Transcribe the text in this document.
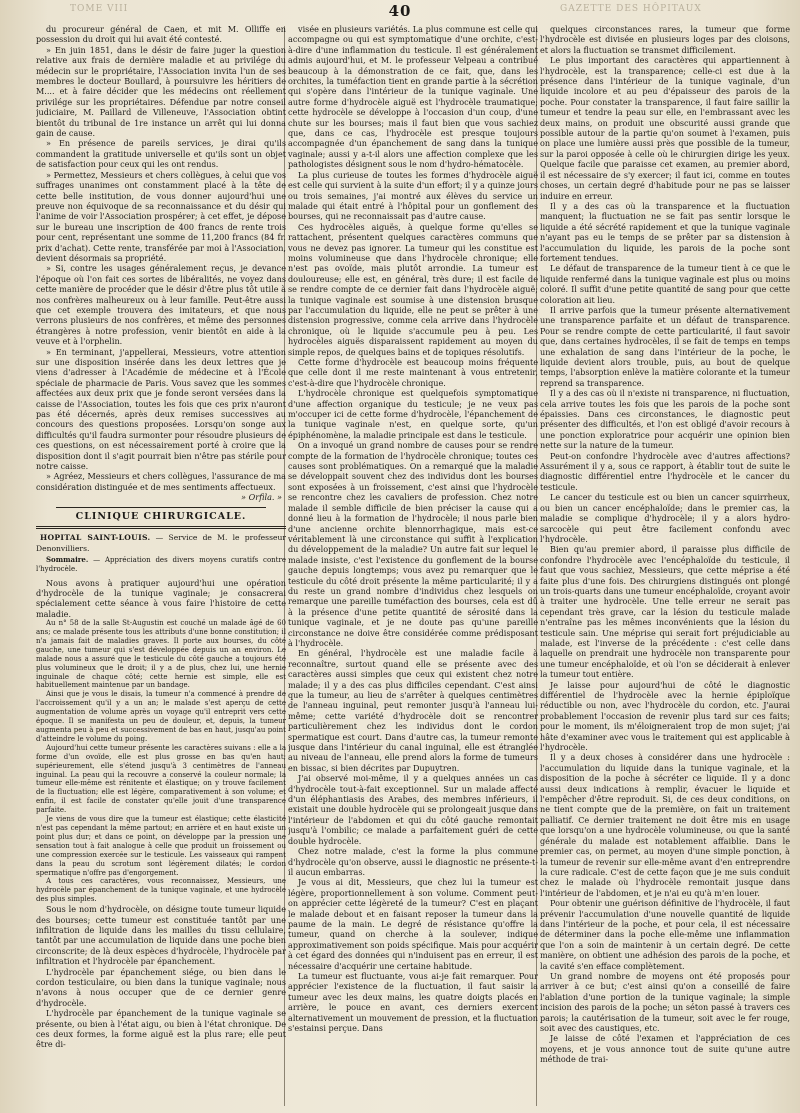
TOME VIII	40	GAZETTE DES HÔPITAUX

du procureur général de Caen, et mit M. Olliffe en possession du droit qui lui avait été contesté.

» En juin 1851, dans le désir de faire juger la question relative aux frais de dernière maladie et au privilége du médecin sur le propriétaire, l'Association invita l'un de ses membres le docteur Boullard, à poursuivre les héritiers de M.... et à faire décider que les médecins ont réellement privilége sur les propriétaires. Défendue par notre conseil judiciaire, M. Paillard de Villeneuve, l'Association obtint bientôt du tribunal de 1re instance un arrêt qui lui donna gain de cause.

» En présence de pareils services, je dirai qu'ils commandent la gratitude universelle et qu'ils sont un objet de satisfaction pour ceux qui les ont rendus.

» Permettez, Messieurs et chers collègues, à celui que vos suffrages unanimes ont constamment placé à la tête de cette belle institution, de vous donner aujourd'hui une preuve non équivoque de sa reconnaissance et du désir qui l'anime de voir l'Association prospérer; à cet effet, je dépose sur le bureau une inscription de 400 francs de rente trois pour cent, représentant une somme de 11,200 francs (84 fr. prix d'achat). Cette rente, transférée par moi à l'Association, devient désormais sa propriété.

» Si, contre les usages généralement reçus, je devance l'époque où l'on fait ces sortes de libéralités, ne voyez dans cette manière de procéder que le désir d'être plus tôt utile à nos confrères malheureux ou à leur famille. Peut-être aussi que cet exemple trouvera des imitateurs, et que nous verrons plusieurs de nos confrères, et même des personnes étrangères à notre profession, venir bientôt en aide à la veuve et à l'orphelin.

» En terminant, j'appellerai, Messieurs, votre attention sur une disposition insérée dans les deux lettres que je viens d'adresser à l'Académie de médecine et à l'École spéciale de pharmacie de Paris. Vous savez que les sommes affectées aux deux prix que je fonde seront versées dans la caisse de l'Association, toutes les fois que ces prix n'auront pas été décernés, après deux remises successives au concours des questions proposées. Lorsqu'on songe aux difficultés qu'il faudra surmonter pour résoudre plusieurs de ces questions, on est nécessairement porté à croire que la disposition dont il s'agit pourrait bien n'être pas stérile pour notre caisse.

» Agréez, Messieurs et chers collègues, l'assurance de ma considération distinguée et de mes sentiments affectueux.

» Orfila. »
CLINIQUE CHIRURGICALE.
HOPITAL SAINT-LOUIS. — Service de M. le professeur Denonvilliers.
Sommaire. — Appréciation des divers moyens curatifs contre l'hydrocèle.

Nous avons à pratiquer aujourd'hui une opération d'hydrocèle de la tunique vaginale; je consacrerai spécialement cette séance à vous faire l'histoire de cette maladie.

Au n° 58 de la salle St-Augustin est couché un malade âgé de 60 ans; ce malade présente tous les attributs d'une bonne constitution; il n'a jamais fait de maladies graves. Il porte aux bourses, du côté gauche, une tumeur qui s'est développée depuis un an environ. Le malade nous a assuré que le testicule du côté gauche a toujours été plus volumineux que le droit; il y a de plus, chez lui, une hernie inguinale de chaque côté; cette hernie est simple, elle est habituellement maintenue par un bandage.

Ainsi que je vous le disais, la tumeur n'a commencé à prendre de l'accroissement qu'il y a un an; le malade s'est aperçu de cette augmentation de volume après un voyage qu'il entreprit vers cette époque. Il se manifesta un peu de douleur, et, depuis, la tumeur augmenta peu à peu et successivement de bas en haut, jusqu'au point d'atteindre le volume du poing.

Aujourd'hui cette tumeur présente les caractères suivans : elle a la forme d'un ovoïde, elle est plus grosse en bas qu'en haut; supérieurement, elle s'étend jusqu'à 3 centimètres de l'anneau inguinal. La peau qui la recouvre a conservé la couleur normale; la tumeur elle-même est rénitente et élastique; on y trouve facilement de la fluctuation; elle est légère, comparativement à son volume; et enfin, il est facile de constater qu'elle jouit d'une transparence parfaite.

Je viens de vous dire que la tumeur est élastique; cette élasticité n'est pas cependant la même partout; en arrière et en haut existe un point plus dur; et dans ce point, on développe par la pression une sensation tout à fait analogue à celle que produit un froissement ou une compression exercée sur le testicule. Les vaisseaux qui rampent dans la peau du scrotum sont légèrement dilatés; le cordon spermatique n'offre pas d'engorgement.

A tous ces caractères, vous reconnaissez, Messieurs, une hydrocèle par épanchement de la tunique vaginale, et une hydrocèle des plus simples.

Sous le nom d'hydrocèle, on désigne toute tumeur liquide des bourses; cette tumeur est constituée tantôt par une infiltration de liquide dans les mailles du tissu cellulaire, tantôt par une accumulation de liquide dans une poche bien circonscrite; de là deux espèces d'hydrocèle, l'hydrocèle par infiltration et l'hydrocèle par épanchement.

L'hydrocèle par épanchement siége, ou bien dans le cordon testiculaire, ou bien dans la tunique vaginale; nous n'avons à nous occuper que de ce dernier genre d'hydrocèle.

L'hydrocèle par épanchement de la tunique vaginale se présente, ou bien à l'état aigu, ou bien à l'état chronique. De ces deux formes, la forme aiguë est la plus rare; elle peut être di-

visée en plusieurs variétés. La plus commune est celle qui accompagne ou qui est symptomatique d'une orchite, c'est-à-dire d'une inflammation du testicule. Il est généralement admis aujourd'hui, et M. le professeur Velpeau a contribué beaucoup à la démonstration de ce fait, que, dans les orchites, la tuméfaction tient en grande partie à la sécrétion qui s'opère dans l'intérieur de la tunique vaginale. Une autre forme d'hydrocèle aiguë est l'hydrocèle traumatique; cette hydrocèle se développe à l'occasion d'un coup, d'une chute sur les bourses; mais il faut bien que vous sachiez que, dans ce cas, l'hydrocèle est presque toujours accompagnée d'un épanchement de sang dans la tunique vaginale; aussi y a-t-il alors une affection complexe que les pathologistes désignent sous le nom d'hydro-hématocèle.

La plus curieuse de toutes les formes d'hydrocèle aiguë est celle qui survient à la suite d'un effort; il y a quinze jours ou trois semaines, j'ai montré aux élèves du service un malade qui était entré à l'hôpital pour un gonflement des bourses, qui ne reconnaissait pas d'autre cause.

Ces hydrocèles aiguës, à quelque forme qu'elles se rattachent, présentent quelques caractères communs que vous ne devez pas ignorer. La tumeur qui les constitue est moins volumineuse que dans l'hydrocèle chronique; elle n'est pas ovoïde, mais plutôt arrondie. La tumeur est douloureuse; elle est, en général, très dure; il est facile de se rendre compte de ce dernier fait dans l'hydrocèle aiguë; la tunique vaginale est soumise à une distension brusque par l'accumulation du liquide, elle ne peut se prêter à une distension progressive, comme cela arrive dans l'hydrocèle chronique, où le liquide s'accumule peu à peu. Les hydrocèles aiguës disparaissent rapidement au moyen du simple repos, de quelques bains et de topiques résolutifs.

Cette forme d'hydrocèle est beaucoup moins fréquente que celle dont il me reste maintenant à vous entretenir, c'est-à-dire que l'hydrocèle chronique.

L'hydrocèle chronique est quelquefois symptomatique d'une affection organique du testicule; je ne veux pas m'occuper ici de cette forme d'hydrocèle, l'épanchement de la tunique vaginale n'est, en quelque sorte, qu'un épiphénomène, la maladie principale est dans le testicule.

On a invoqué un grand nombre de causes pour se rendre compte de la formation de l'hydrocèle chronique; toutes ces causes sont problématiques. On a remarqué que la maladie se développait souvent chez des individus dont les bourses sont exposées à un froissement, c'est ainsi que l'hydrocèle se rencontre chez les cavaliers de profession. Chez notre malade il semble difficile de bien préciser la cause qui a donné lieu à la formation de l'hydrocèle; il nous parle bien d'une ancienne orchite blennorrhagique, mais est-ce véritablement là une circonstance qui suffit à l'explication du développement de la maladie? Un autre fait sur lequel le malade insiste, c'est l'existence du gonflement de la bourse gauche depuis longtemps; vous avez pu remarquer que le testicule du côté droit présente la même particularité; il y a du reste un grand nombre d'individus chez lesquels on remarque une pareille tuméfaction des bourses, cela est dû à la présence d'une petite quantité de sérosité dans la tunique vaginale, et je ne doute pas qu'une pareille circonstance ne doive être considérée comme prédisposant à l'hydrocèle.

En général, l'hydrocèle est une maladie facile à reconnaître, surtout quand elle se présente avec des caractères aussi simples que ceux qui existent chez notre malade; il y a des cas plus difficiles cependant. C'est ainsi que la tumeur, au lieu de s'arrêter à quelques centimètres de l'anneau inguinal, peut remonter jusqu'à l'anneau lui-même; cette variété d'hydrocèle doit se rencontrer particulièrement chez les individus dont le cordon spermatique est court. Dans d'autre cas, la tumeur remonte jusque dans l'intérieur du canal inguinal, elle est étranglée au niveau de l'anneau, elle prend alors la forme de tumeurs en bissac, si bien décrites par Dupuytren.

J'ai observé moi-même, il y a quelques années un cas d'hydrocèle tout-à-fait exceptionnel. Sur un malade affecté d'un éléphantiasis des Arabes, des membres inférieurs, il existait une double hydrocèle qui se prolongeait jusque dans l'intérieur de l'abdomen et qui du côté gauche remontait jusqu'à l'ombilic; ce malade a parfaitement guéri de cette double hydrocèle.

Chez notre malade, c'est la forme la plus commune d'hydrocèle qu'on observe, aussi le diagnostic ne présente-t-il aucun embarras.

Je vous ai dit, Messieurs, que chez lui la tumeur est légère, proportionnellement à son volume. Comment peut-on apprécier cette légèreté de la tumeur? C'est en plaçant le malade debout et en faisant reposer la tumeur dans la paume de la main. Le degré de résistance qu'offre la tumeur, quand on cherche à la soulever, indique approximativement son poids spécifique. Mais pour acquérir à cet égard des données qui n'induisent pas en erreur, il est nécessaire d'acquérir une certaine habitude.

La tumeur est fluctuante, vous ai-je fait remarquer. Pour apprécier l'existence de la fluctuation, il faut saisir la tumeur avec les deux mains, les quatre doigts placés en arrière, le pouce en avant, ces derniers exercent alternativement un mouvement de pression, et la fluctuation s'estainsi perçue. Dans

quelques circonstances rares, la tumeur que forme l'hydrocèle est divisée en plusieurs loges par des cloisons, et alors la fluctuation se transmet difficilement.

Le plus important des caractères qui appartiennent à l'hydrocèle, est la transparence; celle-ci est due à la présence dans l'intérieur de la tunique vaginale, d'un liquide incolore et au peu d'épaisseur des parois de la poche. Pour constater la transparence, il faut faire saillir la tumeur et tendre la peau sur elle, en l'embrassant avec les deux mains, on produit une obscurité aussi grande que possible autour de la partie qu'on soumet à l'examen, puis on place une lumière aussi près que possible de la tumeur, sur la paroi opposée à celle où le chirurgien dirige les yeux. Quelque facile que paraisse cet examen, au premier abord, il est nécessaire de s'y exercer; il faut ici, comme en toutes choses, un certain degré d'habitude pour ne pas se laisser induire en erreur.

Il y a des cas où la transparence et la fluctuation manquent; la fluctuation ne se fait pas sentir lorsque le liquide a été sécrété rapidement et que la tunique vaginale n'ayant pas eu le temps de se prêter par sa distension à l'accumulation du liquide, les parois de la poche sont fortement tendues.

Le défaut de transparence de la tumeur tient à ce que le liquide renfermé dans la tunique vaginale est plus ou moins coloré. Il suffit d'une petite quantité de sang pour que cette coloration ait lieu.

Il arrive parfois que la tumeur présente alternativement une transparence parfaite et un défaut de transparence. Pour se rendre compte de cette particularité, il faut savoir que, dans certaines hydrocèles, il se fait de temps en temps une exhalation de sang dans l'intérieur de la poche, le liquide devient alors trouble, puis, au bout de quelque temps, l'absorption enlève la matière colorante et la tumeur reprend sa transparence.

Il y a des cas où il n'existe ni transparence, ni fluctuation, cela arrive toutes les fois que les parois de la poche sont épaissies. Dans ces circonstances, le diagnostic peut présenter des difficultés, et l'on est obligé d'avoir recours à une ponction exploratrice pour acquérir une opinion bien nette sur la nature de la tumeur.

Peut-on confondre l'hydrocèle avec d'autres affections? Assurément il y a, sous ce rapport, à établir tout de suite le diagnostic différentiel entre l'hydrocèle et le cancer du testicule.

Le cancer du testicule est ou bien un cancer squirrheux, ou bien un cancer encéphaloïde; dans le premier cas, la maladie se complique d'hydrocèle; il y a alors hydro-sarcocèle qui peut être facilement confondu avec l'hydrocèle.

Bien qu'au premier abord, il paraisse plus difficile de confondre l'hydrocèle avec l'encéphaloïde du testicule, il faut que vous sachiez, Messieurs, que cette méprise a été faite plus d'une fois. Des chirurgiens distingués ont plongé un trois-quarts dans une tumeur encéphaloïde, croyant avoir à traiter une hydrocèle. Une telle erreur ne serait pas cependant très grave, car la lésion du testicule malade n'entraîne pas les mêmes inconvénients que la lésion du testicule sain. Une méprise qui serait fort préjudiciable au malade, est l'inverse de la précédente : c'est celle dans laquelle on prendrait une hydrocèle non transparente pour une tumeur encéphaloïde, et où l'on se déciderait à enlever la tumeur tout entière.

Je laisse pour aujourd'hui de côté le diagnostic différentiel de l'hydrocèle avec la hernie épiploïque réductible ou non, avec l'hydrocèle du cordon, etc. J'aurai probablement l'occasion de revenir plus tard sur ces faits; pour le moment, ils m'éloigneraient trop de mon sujet; j'ai hâte d'examiner avec vous le traitement qui est applicable à l'hydrocèle.

Il y a deux choses à considérer dans une hydrocèle : l'accumulation du liquide dans la tunique vaginale, et la disposition de la poche à sécréter ce liquide. Il y a donc aussi deux indications à remplir, évacuer le liquide et l'empêcher d'être reproduit. Si, de ces deux conditions, on ne tient compte que de la première, on fait un traitement palliatif. Ce dernier traitement ne doit être mis en usage que lorsqu'on a une hydrocèle volumineuse, ou que la santé générale du malade est notablement affaiblie. Dans le premier cas, on permet, au moyen d'une simple ponction, à la tumeur de revenir sur elle-même avant d'en entreprendre la cure radicale. C'est de cette façon que je me suis conduit chez le malade où l'hydrocèle remontait jusque dans l'intérieur de l'abdomen, et je n'ai eu qu'à m'en louer.

Pour obtenir une guérison définitive de l'hydrocèle, il faut prévenir l'accumulation d'une nouvelle quantité de liquide dans l'intérieur de la poche, et pour cela, il est nécessaire de déterminer dans la poche elle-même une inflammation que l'on a soin de maintenir à un certain degré. De cette manière, on obtient une adhésion des parois de la poche, et la cavité s'en efface complètement.

Un grand nombre de moyens ont été proposés pour arriver à ce but; c'est ainsi qu'on a conseillé de faire l'ablation d'une portion de la tunique vaginale; la simple incision des parois de la poche; un séton passé à travers ces parois; la cautérisation de la tumeur, soit avec le fer rouge, soit avec des caustiques, etc.

Je laisse de côté l'examen et l'appréciation de ces moyens, et je vous annonce tout de suite qu'une autre méthode de trai-
